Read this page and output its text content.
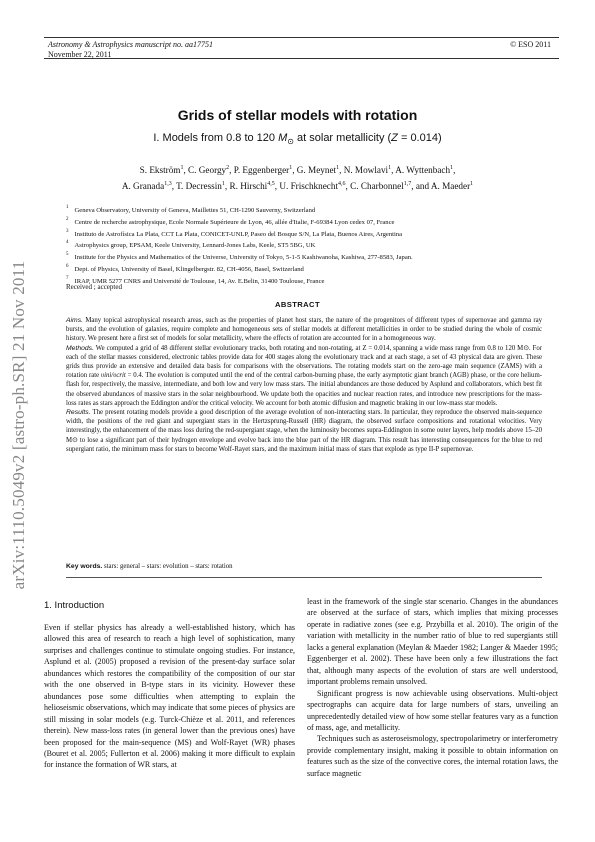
Astronomy & Astrophysics manuscript no. aa17751
November 22, 2011
© ESO 2011
arXiv:1110.5049v2 [astro-ph.SR] 21 Nov 2011
Grids of stellar models with rotation
I. Models from 0.8 to 120 $M_⊙$ at solar metallicity (Z = 0.014)
S. Ekström$^1$, C. Georgy$^2$, P. Eggenberger$^1$, G. Meynet$^1$, N. Mowlavi$^1$, A. Wyttenbach$^1$,
A. Granada$^{1,3}$, T. Decressin$^1$, R. Hirschi$^{4,5}$, U. Frischknecht$^{4,6}$, C. Charbonnel$^{1,7}$, and A. Maeder$^1$
$^1$ Geneva Observatory, University of Geneva, Maillettes 51, CH-1290 Sauverny, Switzerland
$^2$ Centre de recherche astrophysique, Ecole Normale Supérieure de Lyon, 46, allée d'Italie, F-69384 Lyon cedex 07, France
$^3$ Instituto de Astrofísica La Plata, CCT La Plata, CONICET-UNLP, Paseo del Bosque S/N, La Plata, Buenos Aires, Argentina
$^4$ Astrophysics group, EPSAM, Keele University, Lennard-Jones Labs, Keele, ST5 5BG, UK
$^5$ Institute for the Physics and Mathematics of the Universe, University of Tokyo, 5-1-5 Kashiwanoha, Kashiwa, 277-8583, Japan.
$^6$ Dept. of Physics, University of Basel, Klingelbergstr. 82, CH-4056, Basel, Switzerland
$^7$ IRAP, UMR 5277 CNRS and Université de Toulouse, 14, Av. E.Belin, 31400 Toulouse, France
Received ; accepted
ABSTRACT

Aims. Many topical astrophysical research areas, such as the properties of planet host stars, the nature of the progenitors of different types of supernovae and gamma ray bursts, and the evolution of galaxies, require complete and homogeneous sets of stellar models at different metallicities in order to be studied during the whole of cosmic history. We present here a first set of models for solar metallicity, where the effects of rotation are accounted for in a homogeneous way.

Methods. We computed a grid of 48 different stellar evolutionary tracks, both rotating and non-rotating, at Z = 0.014, spanning a wide mass range from 0.8 to 120 M⊙. For each of the stellar masses considered, electronic tables provide data for 400 stages along the evolutionary track and at each stage, a set of 43 physical data are given. These grids thus provide an extensive and detailed data basis for comparisons with the observations. The rotating models start on the zero-age main sequence (ZAMS) with a rotation rate υini/υcrit = 0.4. The evolution is computed until the end of the central carbon-burning phase, the early asymptotic giant branch (AGB) phase, or the core helium-flash for, respectively, the massive, intermediate, and both low and very low mass stars. The initial abundances are those deduced by Asplund and collaborators, which best fit the observed abundances of massive stars in the solar neighbourhood. We update both the opacities and nuclear reaction rates, and introduce new prescriptions for the mass-loss rates as stars approach the Eddington and/or the critical velocity. We account for both atomic diffusion and magnetic braking in our low-mass star models.

Results. The present rotating models provide a good description of the average evolution of non-interacting stars. In particular, they reproduce the observed main-sequence width, the positions of the red giant and supergiant stars in the Hertzsprung-Russell (HR) diagram, the observed surface compositions and rotational velocities. Very interestingly, the enhancement of the mass loss during the red-supergiant stage, when the luminosity becomes supra-Eddington in some outer layers, help models above 15–20 M⊙ to lose a significant part of their hydrogen envelope and evolve back into the blue part of the HR diagram. This result has interesting consequences for the blue to red supergiant ratio, the minimum mass for stars to become Wolf-Rayet stars, and the maximum initial mass of stars that explode as type II-P supernovae.

Key words. stars: general – stars: evolution – stars: rotation
1. Introduction

Even if stellar physics has already a well-established history, which has allowed this area of research to reach a high level of sophistication, many surprises and challenges continue to stimulate ongoing studies. For instance, Asplund et al. (2005) proposed a revision of the present-day surface solar abundances which restores the compatibility of the composition of our star with the one observed in B-type stars in its vicinity. However these abundances pose some difficulties when attempting to explain the helioseismic observations, which may indicate that some pieces of physics are still missing in solar models (e.g. Turck-Chièze et al. 2011, and references therein). New mass-loss rates (in general lower than the previous ones) have been proposed for the main-sequence (MS) and Wolf-Rayet (WR) phases (Bouret et al. 2005; Fullerton et al. 2006) making it more difficult to explain for instance the formation of WR stars, at

least in the framework of the single star scenario. Changes in the abundances are observed at the surface of stars, which implies that mixing processes operate in radiative zones (see e.g. Przybilla et al. 2010). The origin of the variation with metallicity in the number ratio of blue to red supergiants still lacks a general explanation (Meylan & Maeder 1982; Langer & Maeder 1995; Eggenberger et al. 2002). These have been only a few illustrations the fact that, although many aspects of the evolution of stars are well understood, important problems remain unsolved.

Significant progress is now achievable using observations. Multi-object spectrographs can acquire data for large numbers of stars, unveiling an unprecedentedly detailed view of how some stellar features vary as a function of mass, age, and metallicity.

Techniques such as asteroseismology, spectropolarimetry or interferometry provide complementary insight, making it possible to obtain information on features such as the size of the convective cores, the internal rotation laws, the surface magnetic
